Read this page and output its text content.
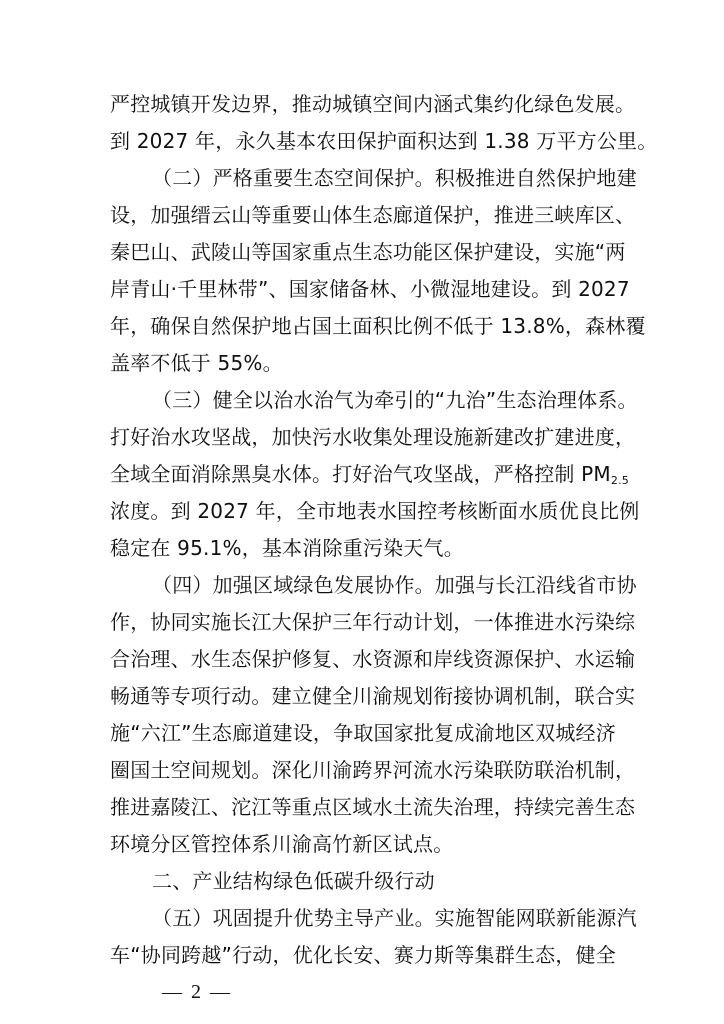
严控城镇开发边界，推动城镇空间内涵式集约化绿色发展。
到 2027 年，永久基本农田保护面积达到 1.38 万平方公里。
（二）严格重要生态空间保护。积极推进自然保护地建
设，加强缙云山等重要山体生态廊道保护，推进三峡库区、
秦巴山、武陵山等国家重点生态功能区保护建设，实施“两
岸青山·千里林带”、国家储备林、小微湿地建设。到 2027
年，确保自然保护地占国土面积比例不低于 13.8%，森林覆
盖率不低于 55%。
（三）健全以治水治气为牵引的“九治”生态治理体系。
打好治水攻坚战，加快污水收集处理设施新建改扩建进度，
全域全面消除黑臭水体。打好治气攻坚战，严格控制 $PM_{2.5}$
浓度。到 2027 年，全市地表水国控考核断面水质优良比例
稳定在 95.1%，基本消除重污染天气。
（四）加强区域绿色发展协作。加强与长江沿线省市协
作，协同实施长江大保护三年行动计划，一体推进水污染综
合治理、水生态保护修复、水资源和岸线资源保护、水运输
畅通等专项行动。建立健全川渝规划衔接协调机制，联合实
施“六江”生态廊道建设，争取国家批复成渝地区双城经济
圈国土空间规划。深化川渝跨界河流水污染联防联治机制，
推进嘉陵江、沱江等重点区域水土流失治理，持续完善生态
环境分区管控体系川渝高竹新区试点。
二、产业结构绿色低碳升级行动
（五）巩固提升优势主导产业。实施智能网联新能源汽
车“协同跨越”行动，优化长安、赛力斯等集群生态，健全
— 2 —
